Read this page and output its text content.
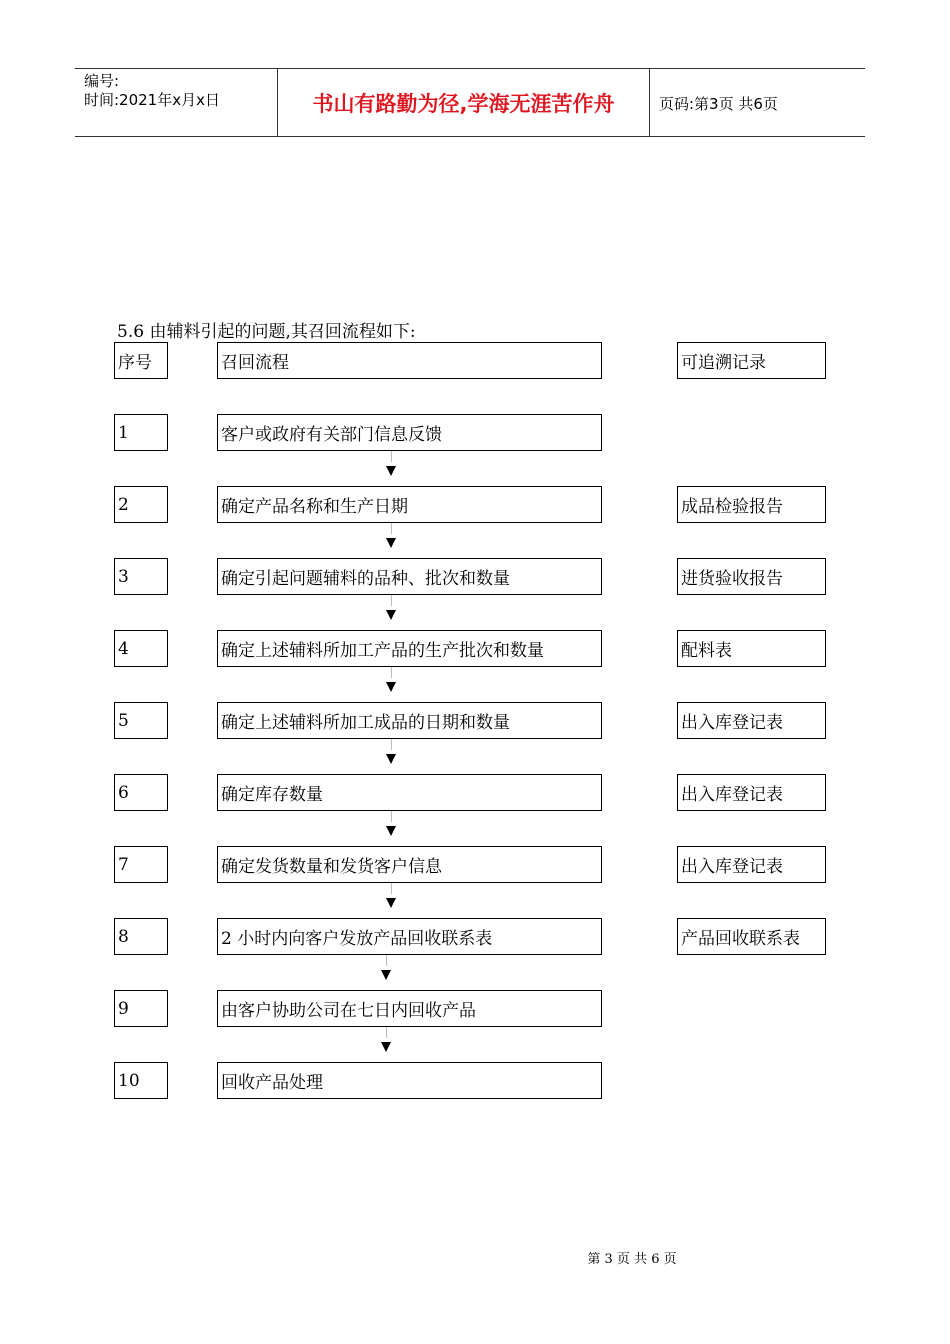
编号:
时间:2021年x月x日	书山有路勤为径,学海无涯苦作舟	页码:第3页 共6页
5.6 由辅料引起的问题,其召回流程如下:
序号	召回流程	可追溯记录
1	客户或政府有关部门信息反馈
2	确定产品名称和生产日期	成品检验报告
3	确定引起问题辅料的品种、批次和数量	进货验收报告
4	确定上述辅料所加工产品的生产批次和数量	配料表
5	确定上述辅料所加工成品的日期和数量	出入库登记表
6	确定库存数量	出入库登记表
7	确定发货数量和发货客户信息	出入库登记表
8	2 小时内向客户发放产品回收联系表	产品回收联系表
9	由客户协助公司在七日内回收产品
10	回收产品处理
第 3 页 共 6 页
